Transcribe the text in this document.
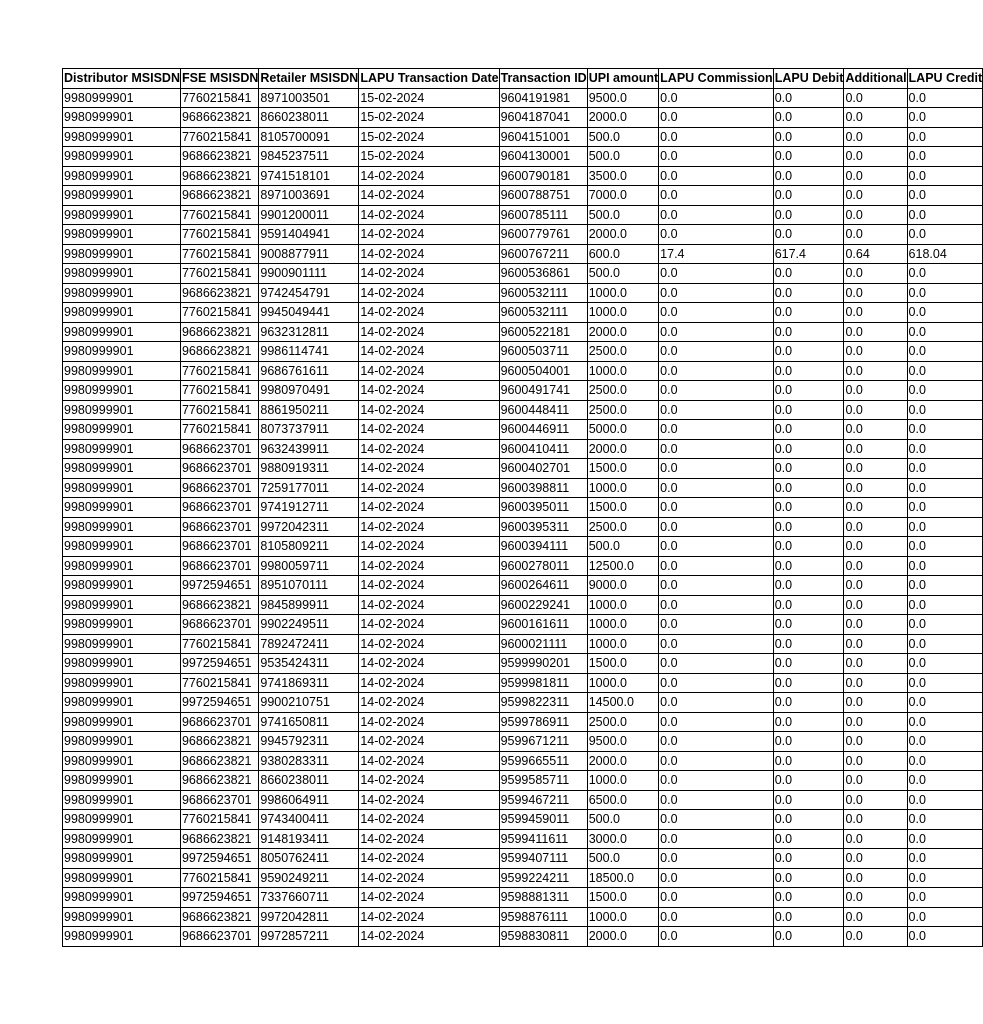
Distributor MSISDN	FSE MSISDN	Retailer MSISDN	LAPU Transaction Date	Transaction ID	UPI amount	LAPU Commission	LAPU Debit	Additional	LAPU Credit
9980999901	7760215841	8971003501	15-02-2024	9604191981	9500.0	0.0	0.0	0.0	0.0
9980999901	9686623821	8660238011	15-02-2024	9604187041	2000.0	0.0	0.0	0.0	0.0
9980999901	7760215841	8105700091	15-02-2024	9604151001	500.0	0.0	0.0	0.0	0.0
9980999901	9686623821	9845237511	15-02-2024	9604130001	500.0	0.0	0.0	0.0	0.0
9980999901	9686623821	9741518101	14-02-2024	9600790181	3500.0	0.0	0.0	0.0	0.0
9980999901	9686623821	8971003691	14-02-2024	9600788751	7000.0	0.0	0.0	0.0	0.0
9980999901	7760215841	9901200011	14-02-2024	9600785111	500.0	0.0	0.0	0.0	0.0
9980999901	7760215841	9591404941	14-02-2024	9600779761	2000.0	0.0	0.0	0.0	0.0
9980999901	7760215841	9008877911	14-02-2024	9600767211	600.0	17.4	617.4	0.64	618.04
9980999901	7760215841	9900901111	14-02-2024	9600536861	500.0	0.0	0.0	0.0	0.0
9980999901	9686623821	9742454791	14-02-2024	9600532111	1000.0	0.0	0.0	0.0	0.0
9980999901	7760215841	9945049441	14-02-2024	9600532111	1000.0	0.0	0.0	0.0	0.0
9980999901	9686623821	9632312811	14-02-2024	9600522181	2000.0	0.0	0.0	0.0	0.0
9980999901	9686623821	9986114741	14-02-2024	9600503711	2500.0	0.0	0.0	0.0	0.0
9980999901	7760215841	9686761611	14-02-2024	9600504001	1000.0	0.0	0.0	0.0	0.0
9980999901	7760215841	9980970491	14-02-2024	9600491741	2500.0	0.0	0.0	0.0	0.0
9980999901	7760215841	8861950211	14-02-2024	9600448411	2500.0	0.0	0.0	0.0	0.0
9980999901	7760215841	8073737911	14-02-2024	9600446911	5000.0	0.0	0.0	0.0	0.0
9980999901	9686623701	9632439911	14-02-2024	9600410411	2000.0	0.0	0.0	0.0	0.0
9980999901	9686623701	9880919311	14-02-2024	9600402701	1500.0	0.0	0.0	0.0	0.0
9980999901	9686623701	7259177011	14-02-2024	9600398811	1000.0	0.0	0.0	0.0	0.0
9980999901	9686623701	9741912711	14-02-2024	9600395011	1500.0	0.0	0.0	0.0	0.0
9980999901	9686623701	9972042311	14-02-2024	9600395311	2500.0	0.0	0.0	0.0	0.0
9980999901	9686623701	8105809211	14-02-2024	9600394111	500.0	0.0	0.0	0.0	0.0
9980999901	9686623701	9980059711	14-02-2024	9600278011	12500.0	0.0	0.0	0.0	0.0
9980999901	9972594651	8951070111	14-02-2024	9600264611	9000.0	0.0	0.0	0.0	0.0
9980999901	9686623821	9845899911	14-02-2024	9600229241	1000.0	0.0	0.0	0.0	0.0
9980999901	9686623701	9902249511	14-02-2024	9600161611	1000.0	0.0	0.0	0.0	0.0
9980999901	7760215841	7892472411	14-02-2024	9600021111	1000.0	0.0	0.0	0.0	0.0
9980999901	9972594651	9535424311	14-02-2024	9599990201	1500.0	0.0	0.0	0.0	0.0
9980999901	7760215841	9741869311	14-02-2024	9599981811	1000.0	0.0	0.0	0.0	0.0
9980999901	9972594651	9900210751	14-02-2024	9599822311	14500.0	0.0	0.0	0.0	0.0
9980999901	9686623701	9741650811	14-02-2024	9599786911	2500.0	0.0	0.0	0.0	0.0
9980999901	9686623821	9945792311	14-02-2024	9599671211	9500.0	0.0	0.0	0.0	0.0
9980999901	9686623821	9380283311	14-02-2024	9599665511	2000.0	0.0	0.0	0.0	0.0
9980999901	9686623821	8660238011	14-02-2024	9599585711	1000.0	0.0	0.0	0.0	0.0
9980999901	9686623701	9986064911	14-02-2024	9599467211	6500.0	0.0	0.0	0.0	0.0
9980999901	7760215841	9743400411	14-02-2024	9599459011	500.0	0.0	0.0	0.0	0.0
9980999901	9686623821	9148193411	14-02-2024	9599411611	3000.0	0.0	0.0	0.0	0.0
9980999901	9972594651	8050762411	14-02-2024	9599407111	500.0	0.0	0.0	0.0	0.0
9980999901	7760215841	9590249211	14-02-2024	9599224211	18500.0	0.0	0.0	0.0	0.0
9980999901	9972594651	7337660711	14-02-2024	9598881311	1500.0	0.0	0.0	0.0	0.0
9980999901	9686623821	9972042811	14-02-2024	9598876111	1000.0	0.0	0.0	0.0	0.0
9980999901	9686623701	9972857211	14-02-2024	9598830811	2000.0	0.0	0.0	0.0	0.0
